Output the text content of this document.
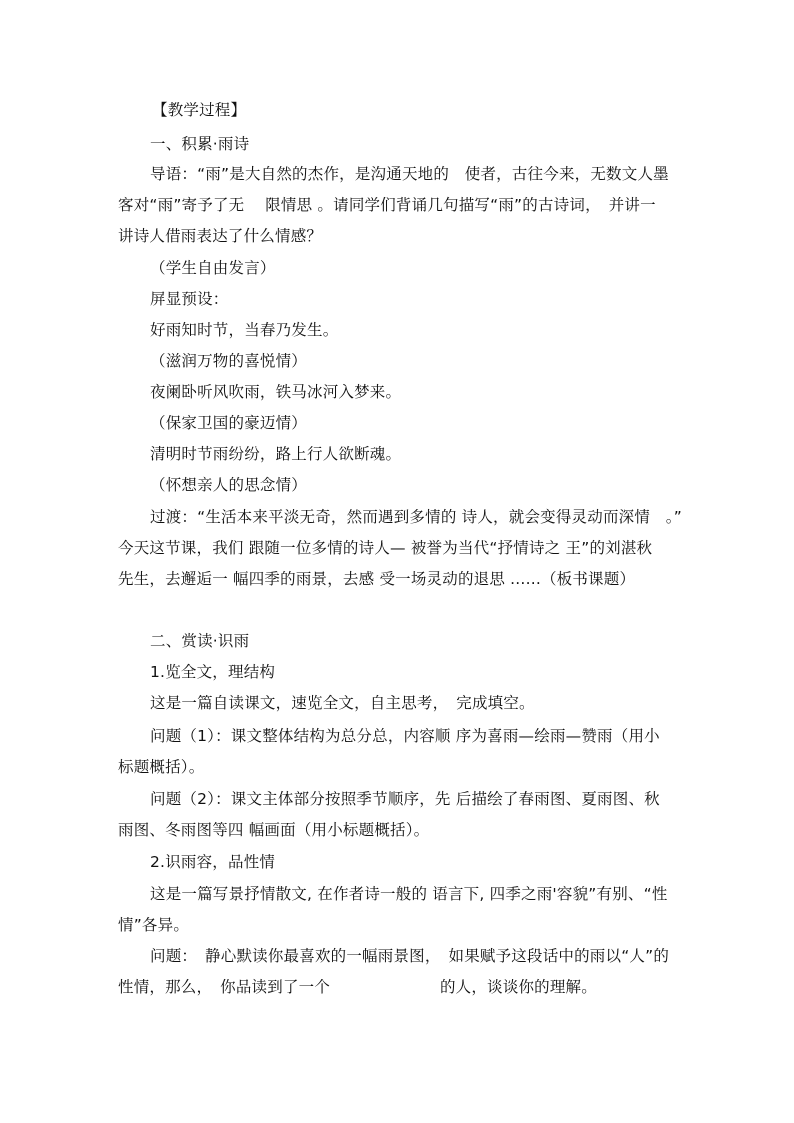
【教学过程】
一、积累·雨诗
导语：“雨”是大自然的杰作，是沟通天地的　使者，古往今来，无数文人墨
客对“雨”寄予了无　 限情思 。请同学们背诵几句描写“雨”的古诗词，　并讲一
讲诗人借雨表达了什么情感？
（学生自由发言）
屏显预设：
好雨知时节，当春乃发生。
（滋润万物的喜悦情）
夜阑卧听风吹雨，铁马冰河入梦来。
（保家卫国的豪迈情）
清明时节雨纷纷，路上行人欲断魂。
（怀想亲人的思念情）
过渡：“生活本来平淡无奇，然而遇到多情的 诗人，就会变得灵动而深情　。”
今天这节课，我们 跟随一位多情的诗人— 被誉为当代“抒情诗之 王”的刘湛秋
先生，去邂逅一 幅四季的雨景，去感 受一场灵动的退思 ......（板书课题）
二、赏读·识雨
1.览全文，理结构
这是一篇自读课文，速览全文，自主思考，　完成填空。
问题（1）：课文整体结构为总分总，内容顺 序为喜雨—绘雨—赞雨（用小
标题概括）。
问题（2）：课文主体部分按照季节顺序，先 后描绘了春雨图、夏雨图、秋
雨图、冬雨图等四 幅画面（用小标题概括）。
2.识雨容，品性情
这是一篇写景抒情散文, 在作者诗一般的 语言下, 四季之雨'容貌”有别、“性
情”各异。
问题：　静心默读你最喜欢的一幅雨景图，　如果赋予这段话中的雨以“人”的
性情，那么，　你品读到了一个　　　　　　　的人，谈谈你的理解。
